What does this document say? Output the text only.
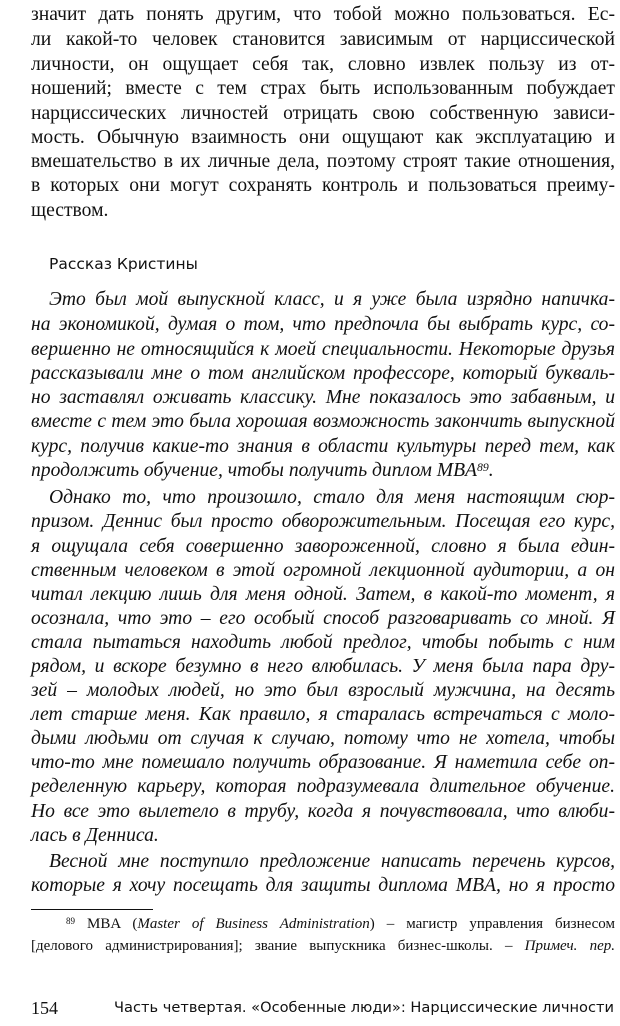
значит дать понять другим, что тобой можно пользоваться. Ес-
ли какой-то человек становится зависимым от нарциссической
личности, он ощущает себя так, словно извлек пользу из от-
ношений; вместе с тем страх быть использованным побуждает
нарциссических личностей отрицать свою собственную зависи-
мость. Обычную взаимность они ощущают как эксплуатацию и
вмешательство в их личные дела, поэтому строят такие отношения,
в которых они могут сохранять контроль и пользоваться преиму-
ществом.
Рассказ Кристины
Это был мой выпускной класс, и я уже была изрядно напичка-
на экономикой, думая о том, что предпочла бы выбрать курс, со-
вершенно не относящийся к моей специальности. Некоторые друзья
рассказывали мне о том английском профессоре, который букваль-
но заставлял оживать классику. Мне показалось это забавным, и
вместе с тем это была хорошая возможность закончить выпускной
курс, получив какие-то знания в области культуры перед тем, как
продолжить обучение, чтобы получить диплом MBA$^{89}$.
Однако то, что произошло, стало для меня настоящим сюр-
призом. Деннис был просто обворожительным. Посещая его курс,
я ощущала себя совершенно завороженной, словно я была един-
ственным человеком в этой огромной лекционной аудитории, а он
читал лекцию лишь для меня одной. Затем, в какой-то момент, я
осознала, что это – его особый способ разговаривать со мной. Я
стала пытаться находить любой предлог, чтобы побыть с ним
рядом, и вскоре безумно в него влюбилась. У меня была пара дру-
зей – молодых людей, но это был взрослый мужчина, на десять
лет старше меня. Как правило, я старалась встречаться с моло-
дыми людьми от случая к случаю, потому что не хотела, чтобы
что-то мне помешало получить образование. Я наметила себе оп-
ределенную карьеру, которая подразумевала длительное обучение.
Но все это вылетело в трубу, когда я почувствовала, что влюби-
лась в Денниса.
Весной мне поступило предложение написать перечень курсов,
которые я хочу посещать для защиты диплома MBA, но я просто
$^{89}$ MBA (Master of Business Administration) – магистр управления бизнесом
[делового администрирования]; звание выпускника бизнес-школы. – Примеч. пер.
154	Часть четвертая. «Особенные люди»: Нарциссические личности
